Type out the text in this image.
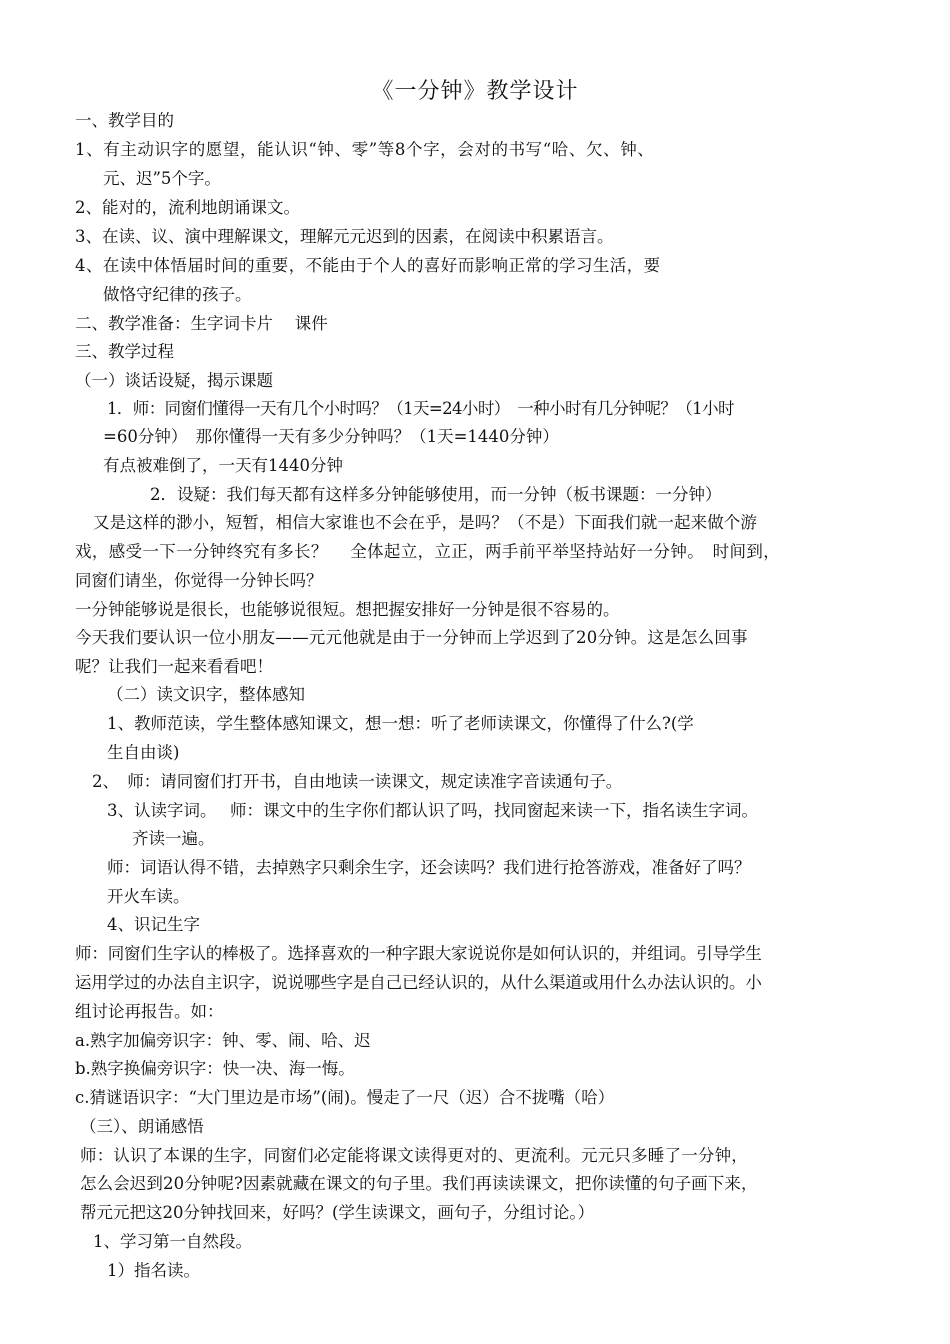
《一分钟》教学设计
一、教学目的
1、有主动识字的愿望，能认识“钟、零”等8个字，会对的书写“哈、欠、钟、
元、迟”5个字。
2、能对的，流利地朗诵课文。
3、在读、议、演中理解课文，理解元元迟到的因素，在阅读中积累语言。
4、在读中体悟届时间的重要，不能由于个人的喜好而影响正常的学习生活，要
做恪守纪律的孩子。
二、教学准备：生字词卡片　 课件
三、教学过程
（一）谈话设疑，揭示课题
1．师：同窗们懂得一天有几个小时吗？（1天=24小时）　一种小时有几分钟呢？（1小时
=60分钟）　那你懂得一天有多少分钟吗？（1天=1440分钟）
有点被难倒了，一天有1440分钟
2．设疑：我们每天都有这样多分钟能够使用，而一分钟（板书课题：一分钟）
又是这样的渺小，短暂，相信大家谁也不会在乎，是吗？（不是）下面我们就一起来做个游
戏，感受一下一分钟终究有多长？　 全体起立，立正，两手前平举坚持站好一分钟。　时间到，
同窗们请坐，你觉得一分钟长吗？
一分钟能够说是很长，也能够说很短。想把握安排好一分钟是很不容易的。
今天我们要认识一位小朋友——元元他就是由于一分钟而上学迟到了20分钟。这是怎么回事
呢？让我们一起来看看吧！
（二）读文识字，整体感知
1、教师范读，学生整体感知课文，想一想：听了老师读课文，你懂得了什么?(学
生自由谈)
2、　师：请同窗们打开书，自由地读一读课文，规定读准字音读通句子。
3、认读字词。　 师：课文中的生字你们都认识了吗，找同窗起来读一下，指名读生字词。
齐读一遍。
师：词语认得不错，去掉熟字只剩余生字，还会读吗？我们进行抢答游戏，准备好了吗？
开火车读。
4、识记生字
师：同窗们生字认的棒极了。选择喜欢的一种字跟大家说说你是如何认识的，并组词。引导学生
运用学过的办法自主识字，说说哪些字是自己已经认识的，从什么渠道或用什么办法认识的。小
组讨论再报告。如：
a.熟字加偏旁识字：钟、零、闹、哈、迟
b.熟字换偏旁识字：快一决、海一悔。
c.猜谜语识字：“大门里边是市场”(闹)。慢走了一尺（迟）合不拢嘴（哈）
（三）、朗诵感悟
师：认识了本课的生字，同窗们必定能将课文读得更对的、更流利。元元只多睡了一分钟，
怎么会迟到20分钟呢?因素就藏在课文的句子里。我们再读读课文，把你读懂的句子画下来，
帮元元把这20分钟找回来，好吗？(学生读课文，画句子，分组讨论。）
1、学习第一自然段。
1）指名读。
